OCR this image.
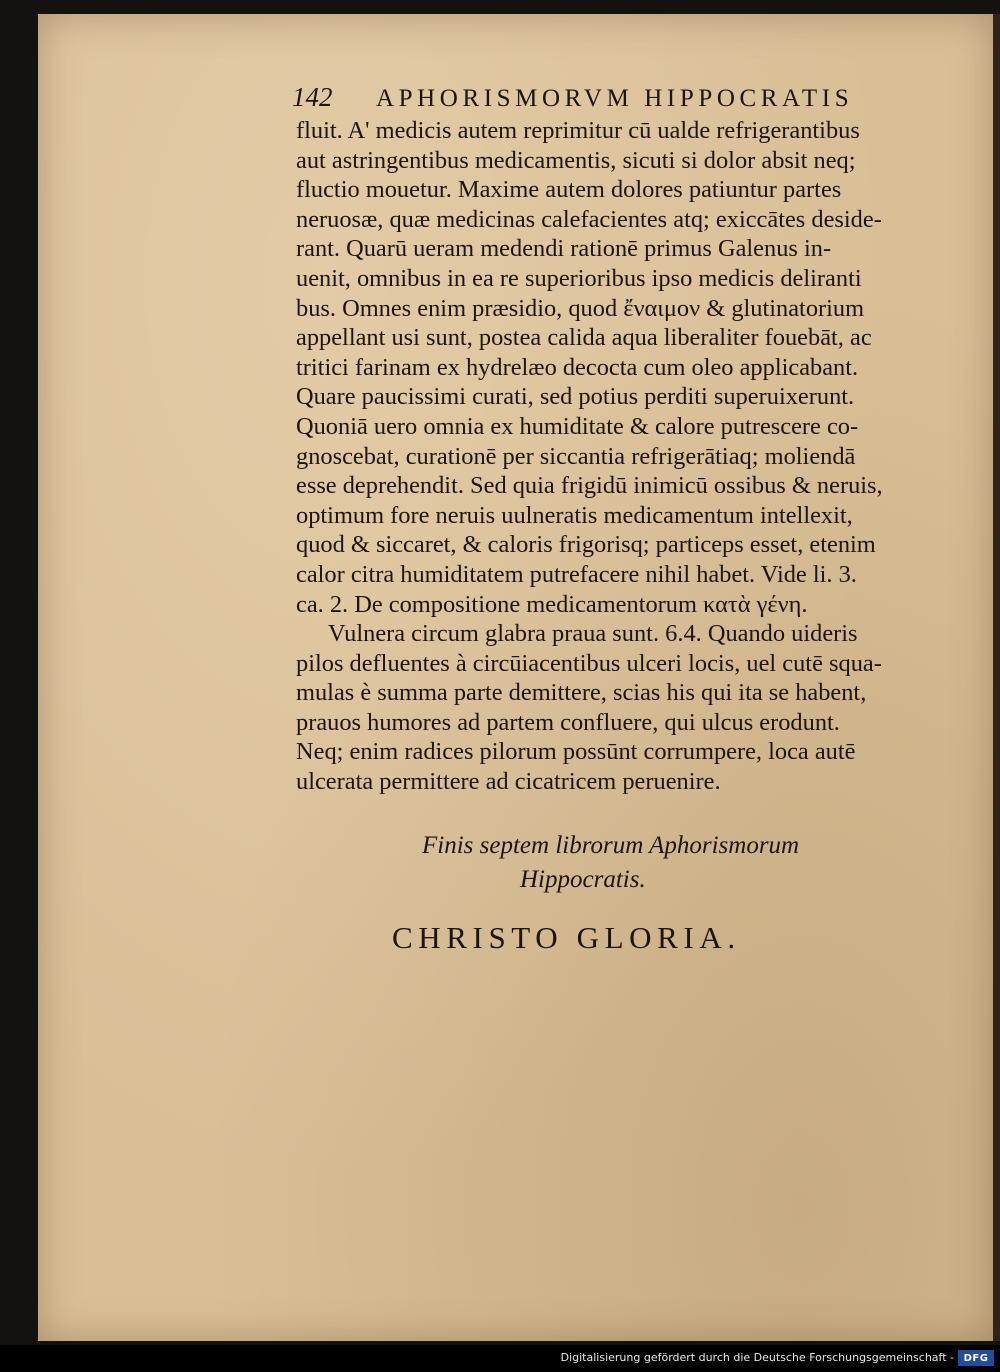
142	APHORISMORVM HIPPOCRATIS
fluit. A' medicis autem reprimitur cū ualde refrigerantibus
aut astringentibus medicamentis, sicuti si dolor absit neq;
fluctio mouetur. Maxime autem dolores patiuntur partes
neruosæ, quæ medicinas calefacientes atq; exiccātes deside-
rant. Quarū ueram medendi rationē primus Galenus in-
uenit, omnibus in ea re superioribus ipso medicis deliranti
bus. Omnes enim præsidio, quod ἔναιμον & glutinatorium
appellant usi sunt, postea calida aqua liberaliter fouebāt, ac
tritici farinam ex hydrelæo decocta cum oleo applicabant.
Quare paucissimi curati, sed potius perditi superuixerunt.
Quoniā uero omnia ex humiditate & calore putrescere co-
gnoscebat, curationē per siccantia refrigerātiaq; moliendā
esse deprehendit. Sed quia frigidū inimicū ossibus & neruis,
optimum fore neruis uulneratis medicamentum intellexit,
quod & siccaret, & caloris frigorisq; particeps esset, etenim
calor citra humiditatem putrefacere nihil habet. Vide li. 3.
ca. 2. De compositione medicamentorum κατὰ γένη.
Vulnera circum glabra praua sunt. 6.4. Quando uideris
pilos defluentes à circūiacentibus ulceri locis, uel cutē squa-
mulas è summa parte demittere, scias his qui ita se habent,
prauos humores ad partem confluere, qui ulcus erodunt.
Neq; enim radices pilorum possūnt corrumpere, loca autē
ulcerata permittere ad cicatricem peruenire.
Finis septem librorum Aphorismorum
Hippocratis.
CHRISTO GLORIA.
Digitalisierung gefördert durch die Deutsche Forschungsgemeinschaft - DFG
